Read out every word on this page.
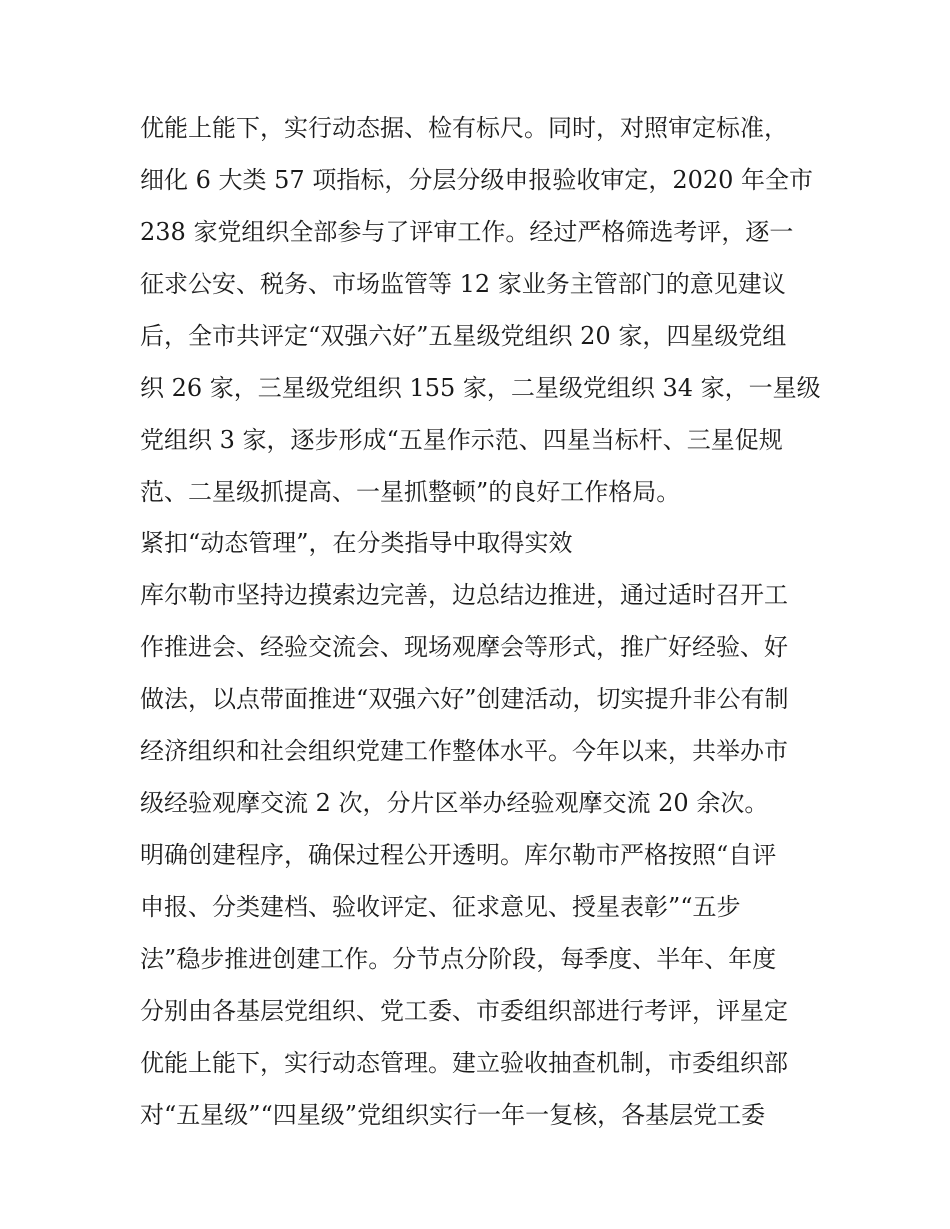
优能上能下，实行动态据、检有标尺。同时，对照审定标准，
细化 6 大类 57 项指标，分层分级申报验收审定，2020 年全市
238 家党组织全部参与了评审工作。经过严格筛选考评，逐一
征求公安、税务、市场监管等 12 家业务主管部门的意见建议
后，全市共评定“双强六好”五星级党组织 20 家，四星级党组
织 26 家，三星级党组织 155 家，二星级党组织 34 家，一星级
党组织 3 家，逐步形成“五星作示范、四星当标杆、三星促规
范、二星级抓提高、一星抓整顿”的良好工作格局。
紧扣“动态管理”，在分类指导中取得实效
库尔勒市坚持边摸索边完善，边总结边推进，通过适时召开工
作推进会、经验交流会、现场观摩会等形式，推广好经验、好
做法，以点带面推进“双强六好”创建活动，切实提升非公有制
经济组织和社会组织党建工作整体水平。今年以来，共举办市
级经验观摩交流 2 次，分片区举办经验观摩交流 20 余次。
明确创建程序，确保过程公开透明。库尔勒市严格按照“自评
申报、分类建档、验收评定、征求意见、授星表彰”“五步
法”稳步推进创建工作。分节点分阶段，每季度、半年、年度
分别由各基层党组织、党工委、市委组织部进行考评，评星定
优能上能下，实行动态管理。建立验收抽查机制，市委组织部
对“五星级”“四星级”党组织实行一年一复核，各基层党工委
